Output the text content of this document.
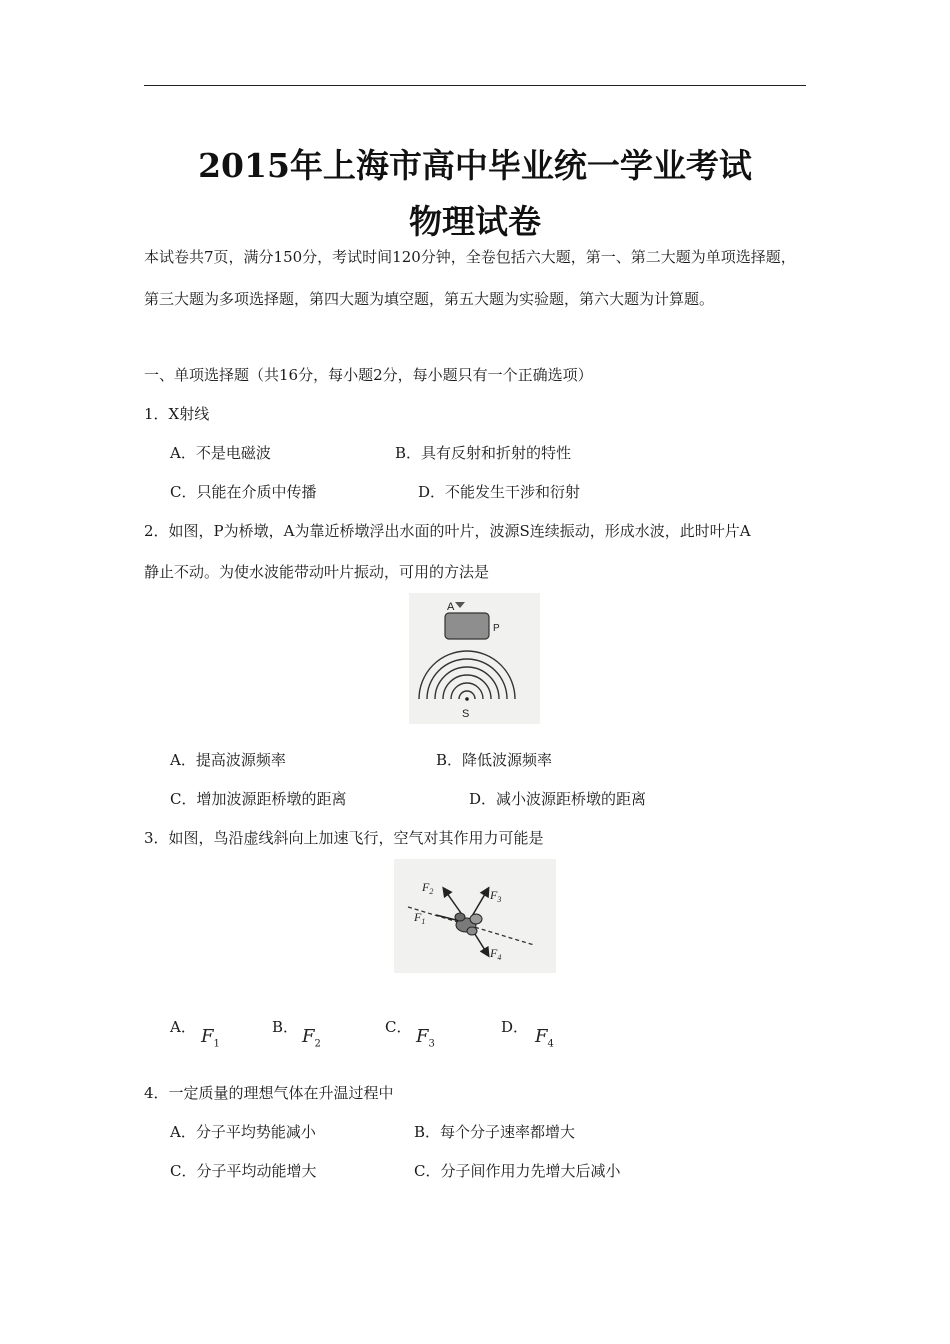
2015年上海市高中毕业统一学业考试
物理试卷
本试卷共7页，满分150分，考试时间120分钟，全卷包括六大题，第一、第二大题为单项选择题，
第三大题为多项选择题，第四大题为填空题，第五大题为实验题，第六大题为计算题。
一、单项选择题（共16分，每小题2分，每小题只有一个正确选项）
1．X射线
A．不是电磁波	B．具有反射和折射的特性
C．只能在介质中传播	D．不能发生干涉和衍射
2．如图，P为桥墩，A为靠近桥墩浮出水面的叶片，波源S连续振动，形成水波，此时叶片A
静止不动。为使水波能带动叶片振动，可用的方法是
A
P
S
A．提高波源频率	B．降低波源频率
C．增加波源距桥墩的距离	D．减小波源距桥墩的距离
3．如图，鸟沿虚线斜向上加速飞行，空气对其作用力可能是
$F_2$	$F_3$
$F_1$
$F_4$
A． $F_1$
B． $F_2$
C． $F_3$
D． $F_4$
4．一定质量的理想气体在升温过程中
A．分子平均势能减小	B．每个分子速率都增大
C．分子平均动能增大	C．分子间作用力先增大后减小
